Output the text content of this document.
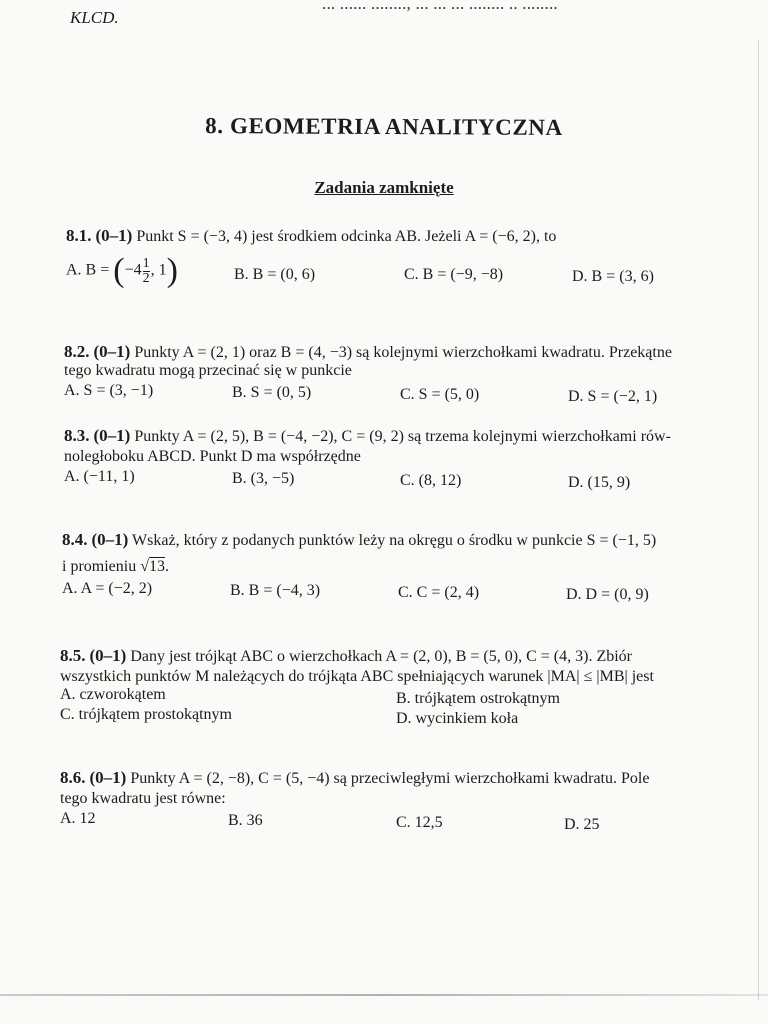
KLCD.
... ...... ........, ... ... ... ........ .. ........
8. GEOMETRIA ANALITYCZNA
Zadania zamknięte
8.1. (0–1) Punkt S = (−3, 4) jest środkiem odcinka AB. Jeżeli A = (−6, 2), to
A. $B = (-4 \frac{1}{2}$ , 1)	B. B = (0, 6)	C. B = (−9, −8)	D. B = (3, 6)
8.2. (0–1) Punkty A = (2, 1) oraz B = (4, −3) są kolejnymi wierzchołkami kwadratu. Przekątne
tego kwadratu mogą przecinać się w punkcie
A. S = (3, −1)	B. S = (0, 5)	C. S = (5, 0)	D. S = (−2, 1)
8.3. (0–1) Punkty A = (2, 5), B = (−4, −2), C = (9, 2) są trzema kolejnymi wierzchołkami rów-
noległoboku ABCD. Punkt D ma współrzędne
A. (−11, 1)	B. (3, −5)	C. (8, 12)	D. (15, 9)
8.4. (0–1) Wskaż, który z podanych punktów leży na okręgu o środku w punkcie S = (−1, 5)
i promieniu √13.
A. A = (−2, 2)	B. B = (−4, 3)	C. C = (2, 4)	D. D = (0, 9)
8.5. (0–1) Dany jest trójkąt ABC o wierzchołkach A = (2, 0), B = (5, 0), C = (4, 3). Zbiór
wszystkich punktów M należących do trójkąta ABC spełniających warunek |MA| ≤ |MB| jest
A. czworokątem	B. trójkątem ostrokątnym
C. trójkątem prostokątnym	D. wycinkiem koła
8.6. (0–1) Punkty A = (2, −8), C = (5, −4) są przeciwległymi wierzchołkami kwadratu. Pole
tego kwadratu jest równe:
A. 12	B. 36	C. 12,5	D. 25
